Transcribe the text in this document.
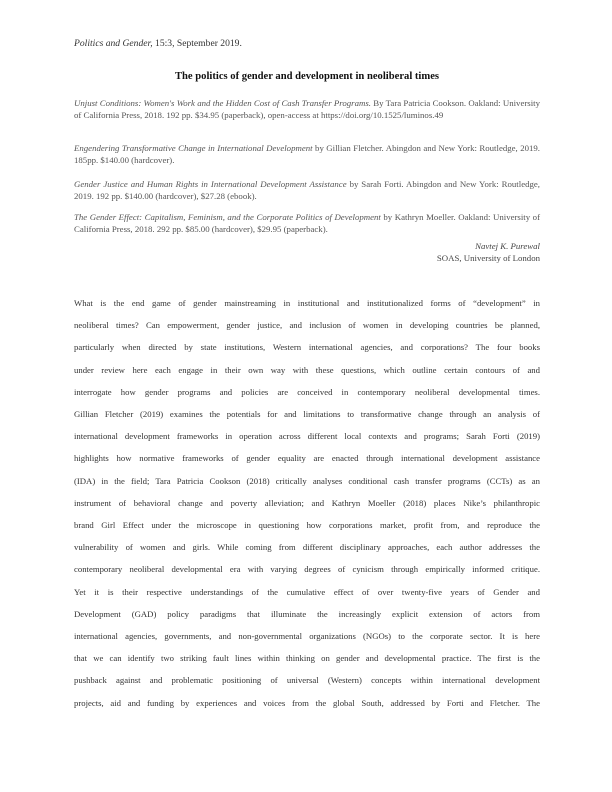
Politics and Gender, 15:3, September 2019.
The politics of gender and development in neoliberal times
Unjust Conditions: Women's Work and the Hidden Cost of Cash Transfer Programs. By Tara Patricia Cookson. Oakland: University of California Press, 2018. 192 pp. $34.95 (paperback), open-access at https://doi.org/10.1525/luminos.49
Engendering Transformative Change in International Development by Gillian Fletcher. Abingdon and New York: Routledge, 2019. 185pp. $140.00 (hardcover).
Gender Justice and Human Rights in International Development Assistance by Sarah Forti. Abingdon and New York: Routledge, 2019. 192 pp. $140.00 (hardcover), $27.28 (ebook).
The Gender Effect: Capitalism, Feminism, and the Corporate Politics of Development by Kathryn Moeller. Oakland: University of California Press, 2018. 292 pp. $85.00 (hardcover), $29.95 (paperback).
Navtej K. Purewal
SOAS, University of London
What is the end game of gender mainstreaming in institutional and institutionalized forms of “development” in
neoliberal times? Can empowerment, gender justice, and inclusion of women in developing countries be planned,
particularly when directed by state institutions, Western international agencies, and corporations? The four books
under review here each engage in their own way with these questions, which outline certain contours of and
interrogate how gender programs and policies are conceived in contemporary neoliberal developmental times.
Gillian Fletcher (2019) examines the potentials for and limitations to transformative change through an analysis of
international development frameworks in operation across different local contexts and programs; Sarah Forti (2019)
highlights how normative frameworks of gender equality are enacted through international development assistance
(IDA) in the field; Tara Patricia Cookson (2018) critically analyses conditional cash transfer programs (CCTs) as an
instrument of behavioral change and poverty alleviation; and Kathryn Moeller (2018) places Nike’s philanthropic
brand Girl Effect under the microscope in questioning how corporations market, profit from, and reproduce the
vulnerability of women and girls. While coming from different disciplinary approaches, each author addresses the
contemporary neoliberal developmental era with varying degrees of cynicism through empirically informed critique.
Yet it is their respective understandings of the cumulative effect of over twenty-five years of Gender and
Development (GAD) policy paradigms that illuminate the increasingly explicit extension of actors from
international agencies, governments, and non-governmental organizations (NGOs) to the corporate sector. It is here
that we can identify two striking fault lines within thinking on gender and developmental practice. The first is the
pushback against and problematic positioning of universal (Western) concepts within international development
projects, aid and funding by experiences and voices from the global South, addressed by Forti and Fletcher. The
